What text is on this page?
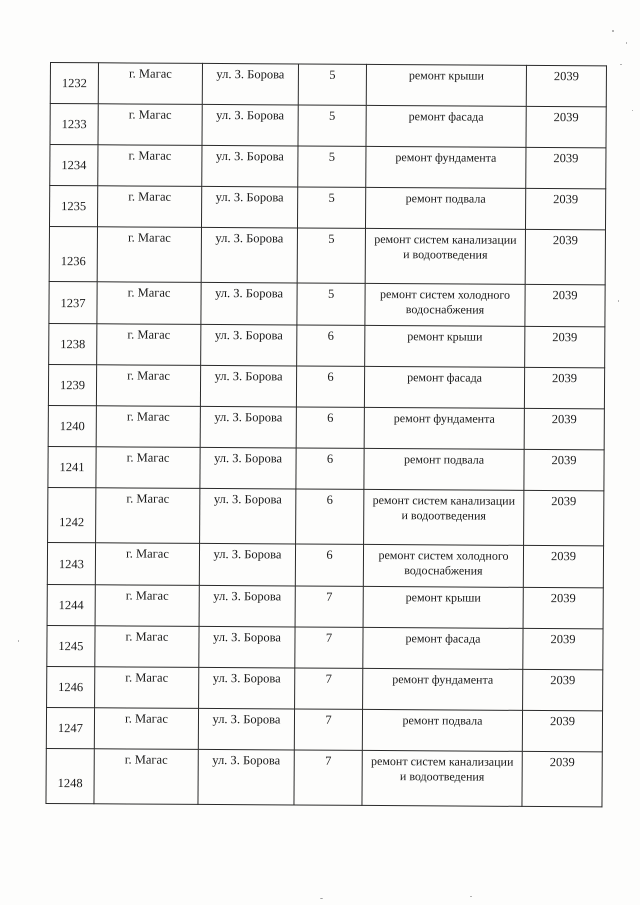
1232	г. Магас	ул. З. Борова	5	ремонт крыши	2039
1233	г. Магас	ул. З. Борова	5	ремонт фасада	2039
1234	г. Магас	ул. З. Борова	5	ремонт фундамента	2039
1235	г. Магас	ул. З. Борова	5	ремонт подвала	2039
1236	г. Магас	ул. З. Борова	5	ремонт систем канализации и водоотведения	2039
1237	г. Магас	ул. З. Борова	5	ремонт систем холодного водоснабжения	2039
1238	г. Магас	ул. З. Борова	6	ремонт крыши	2039
1239	г. Магас	ул. З. Борова	6	ремонт фасада	2039
1240	г. Магас	ул. З. Борова	6	ремонт фундамента	2039
1241	г. Магас	ул. З. Борова	6	ремонт подвала	2039
1242	г. Магас	ул. З. Борова	6	ремонт систем канализации и водоотведения	2039
1243	г. Магас	ул. З. Борова	6	ремонт систем холодного водоснабжения	2039
1244	г. Магас	ул. З. Борова	7	ремонт крыши	2039
1245	г. Магас	ул. З. Борова	7	ремонт фасада	2039
1246	г. Магас	ул. З. Борова	7	ремонт фундамента	2039
1247	г. Магас	ул. З. Борова	7	ремонт подвала	2039
1248	г. Магас	ул. З. Борова	7	ремонт систем канализации и водоотведения	2039
